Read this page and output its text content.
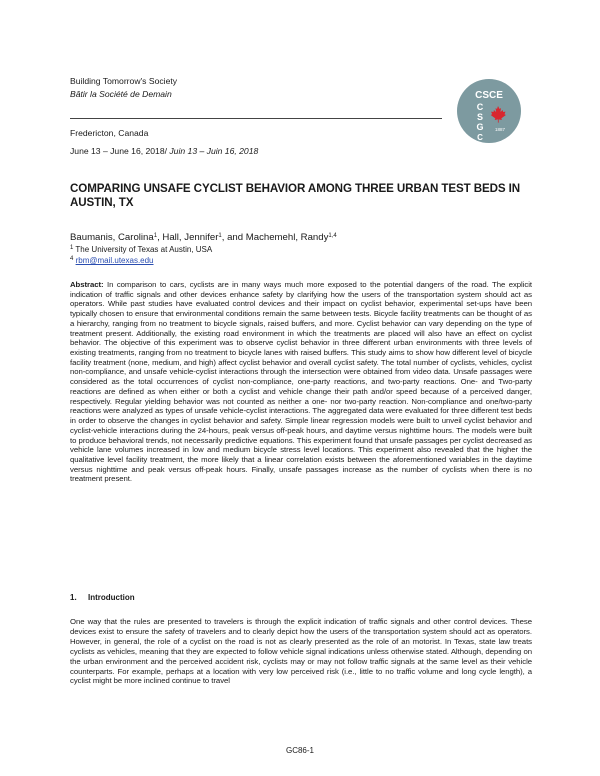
Building Tomorrow's Society
Bâtir la Société de Demain
Fredericton, Canada
June 13 – June 16, 2018/ Juin 13 – Juin 16, 2018
CSCE
C
S
G
C
1887
COMPARING UNSAFE CYCLIST BEHAVIOR AMONG THREE URBAN TEST BEDS IN AUSTIN, TX
Baumanis, Carolina$^1$, Hall, Jennifer$^1$, and Machemehl, Randy$^{1,4}$
$^1$ The University of Texas at Austin, USA
$^4$ rbm@mail.utexas.edu
Abstract: In comparison to cars, cyclists are in many ways much more exposed to the potential dangers of the road. The explicit indication of traffic signals and other devices enhance safety by clarifying how the users of the transportation system should act as operators. While past studies have evaluated control devices and their impact on cyclist behavior, experimental set-ups have been typically chosen to ensure that environmental conditions remain the same between tests. Bicycle facility treatments can be thought of as a hierarchy, ranging from no treatment to bicycle signals, raised buffers, and more. Cyclist behavior can vary depending on the type of treatment present. Additionally, the existing road environment in which the treatments are placed will also have an effect on cyclist behavior. The objective of this experiment was to observe cyclist behavior in three different urban environments with three levels of existing treatments, ranging from no treatment to bicycle lanes with raised buffers. This study aims to show how different level of bicycle facility treatment (none, medium, and high) affect cyclist behavior and overall cyclist safety. The total number of cyclists, vehicles, cyclist non-compliance, and unsafe vehicle-cyclist interactions through the intersection were obtained from video data. Unsafe passages were considered as the total occurrences of cyclist non-compliance, one-party reactions, and two-party reactions. One- and Two-party reactions are defined as when either or both a cyclist and vehicle change their path and/or speed because of a perceived danger, respectively. Regular yielding behavior was not counted as neither a one- nor two-party reaction. Non-compliance and one/two-party reactions were analyzed as types of unsafe vehicle-cyclist interactions. The aggregated data were evaluated for three different test beds in order to observe the changes in cyclist behavior and safety. Simple linear regression models were built to unveil cyclist behavior and cyclist-vehicle interactions during the 24-hours, peak versus off-peak hours, and daytime versus nighttime hours. The models were built to produce behavioral trends, not necessarily predictive equations. This experiment found that unsafe passages per cyclist decreased as vehicle lane volumes increased in low and medium bicycle stress level locations. This experiment also revealed that the higher the qualitative level facility treatment, the more likely that a linear correlation exists between the aforementioned variables in the daytime versus nighttime and peak versus off-peak hours. Finally, unsafe passages increase as the number of cyclists when there is no treatment present.
1. Introduction
One way that the rules are presented to travelers is through the explicit indication of traffic signals and other control devices. These devices exist to ensure the safety of travelers and to clearly depict how the users of the transportation system should act as operators. However, in general, the role of a cyclist on the road is not as clearly presented as the role of an motorist. In Texas, state law treats cyclists as vehicles, meaning that they are expected to follow vehicle signal indications unless otherwise stated. Although, depending on the urban environment and the perceived accident risk, cyclists may or may not follow traffic signals at the same level as their vehicle counterparts. For example, perhaps at a location with very low perceived risk (i.e., little to no traffic volume and long cycle length), a cyclist might be more inclined continue to travel
GC86-1
